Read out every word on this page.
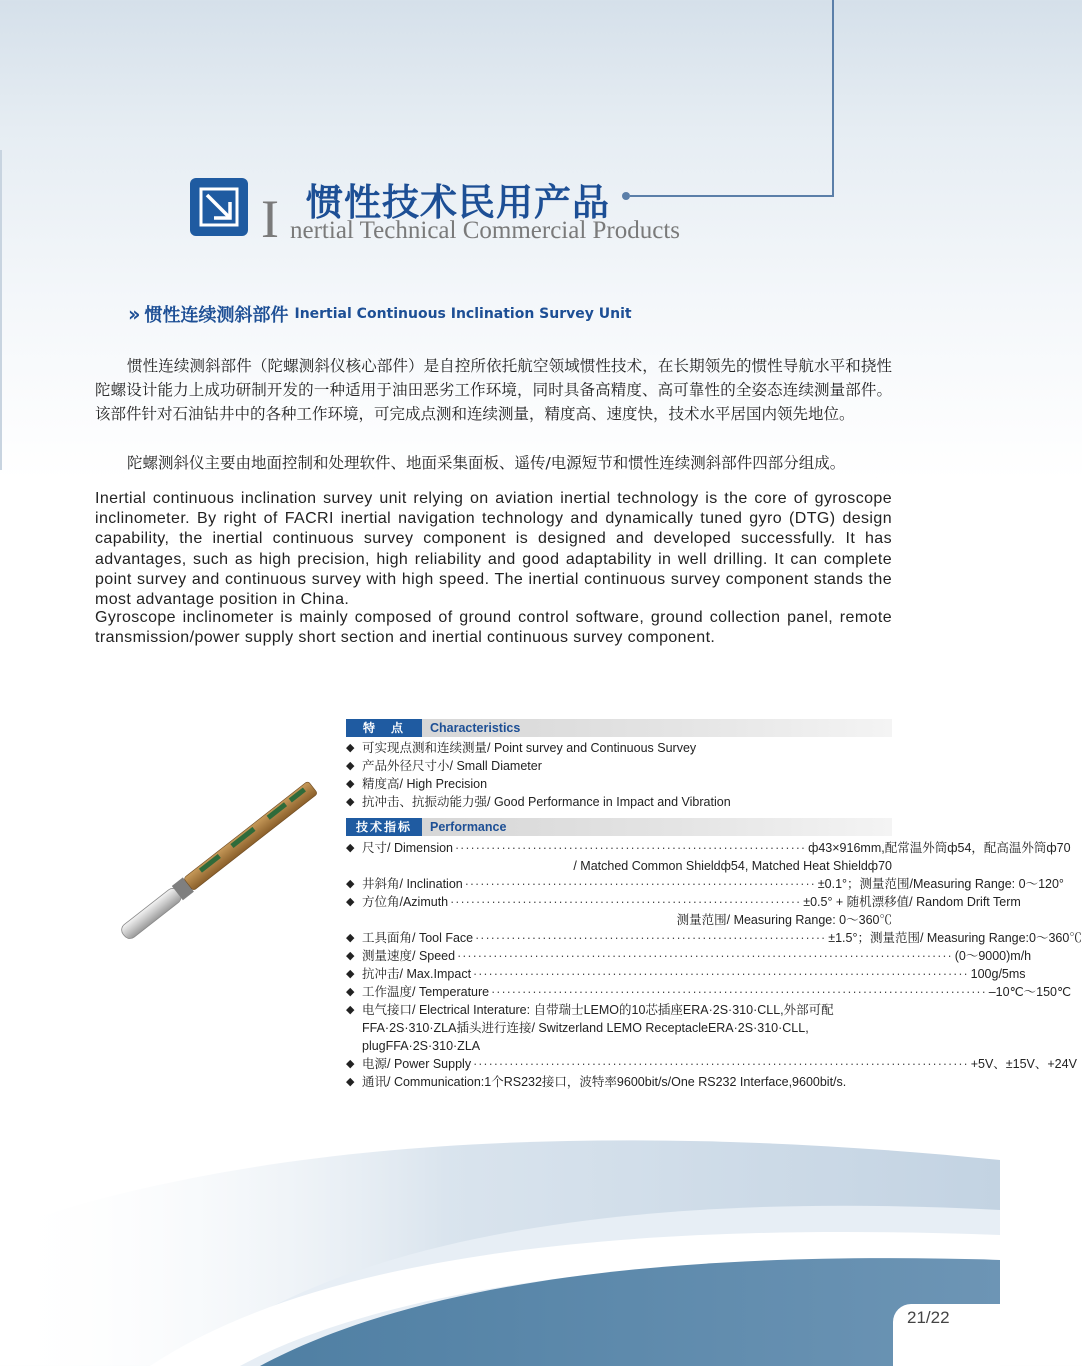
惯性技术民用产品
I nertial Technical Commercial Products
›› 惯性连续测斜部件 Inertial Continuous Inclination Survey Unit

惯性连续测斜部件（陀螺测斜仪核心部件）是自控所依托航空领域惯性技术，在长期领先的惯性导航水平和挠性陀螺设计能力上成功研制开发的一种适用于油田恶劣工作环境，同时具备高精度、高可靠性的全姿态连续测量部件。该部件针对石油钻井中的各种工作环境，可完成点测和连续测量，精度高、速度快，技术水平居国内领先地位。

陀螺测斜仪主要由地面控制和处理软件、地面采集面板、遥传/电源短节和惯性连续测斜部件四部分组成。

Inertial continuous inclination survey unit relying on aviation inertial technology is the core of gyroscope inclinometer. By right of FACRI inertial navigation technology and dynamically tuned gyro (DTG) design capability, the inertial continuous survey component is designed and developed successfully. It has advantages, such as high precision, high reliability and good adaptability in well drilling. It can complete point survey and continuous survey with high speed. The inertial continuous survey component stands the most advantage position in China.

Gyroscope inclinometer is mainly composed of ground control software, ground collection panel, remote transmission/power supply short section and inertial continuous survey component.

特　点	Characteristics
◆ 可实现点测和连续测量/ Point survey and Continuous Survey
◆ 产品外径尺寸小/ Small Diameter
◆ 精度高/ High Precision
◆ 抗冲击、抗振动能力强/ Good Performance in Impact and Vibration
技术指标	Performance
◆ 尺寸/ Dimension ···································································· ф43×916mm,配常温外筒ф54，配高温外筒ф70
/ Matched Common Shieldф54, Matched Heat Shieldф70
◆ 井斜角/ Inclination ···································································· ±0.1°；测量范围/Measuring Range: 0～120°
◆ 方位角/Azimuth ···································································· ±0.5° + 随机漂移值/ Random Drift Term
测量范围/ Measuring Range: 0～360℃
◆ 工具面角/ Tool Face ···································································· ±1.5°；测量范围/ Measuring Range:0～360℃
◆ 测量速度/ Speed ································································································ (0～9000)m/h
◆ 抗冲击/ Max.Impact ································································································ 100g/5ms
◆ 工作温度/ Temperature ································································································ –10℃～150℃
◆ 电气接口/ Electrical Interature: 自带瑞士LEMO的10芯插座ERA·2S·310·CLL,外部可配FFA·2S·310·ZLA插头进行连接/ Switzerland LEMO ReceptacleERA·2S·310·CLL, plugFFA·2S·310·ZLA
◆ 电源/ Power Supply ································································································ +5V、±15V、+24V
◆ 通讯/ Communication:1个RS232接口，波特率9600bit/s/One RS232 Interface,9600bit/s.
21/22
